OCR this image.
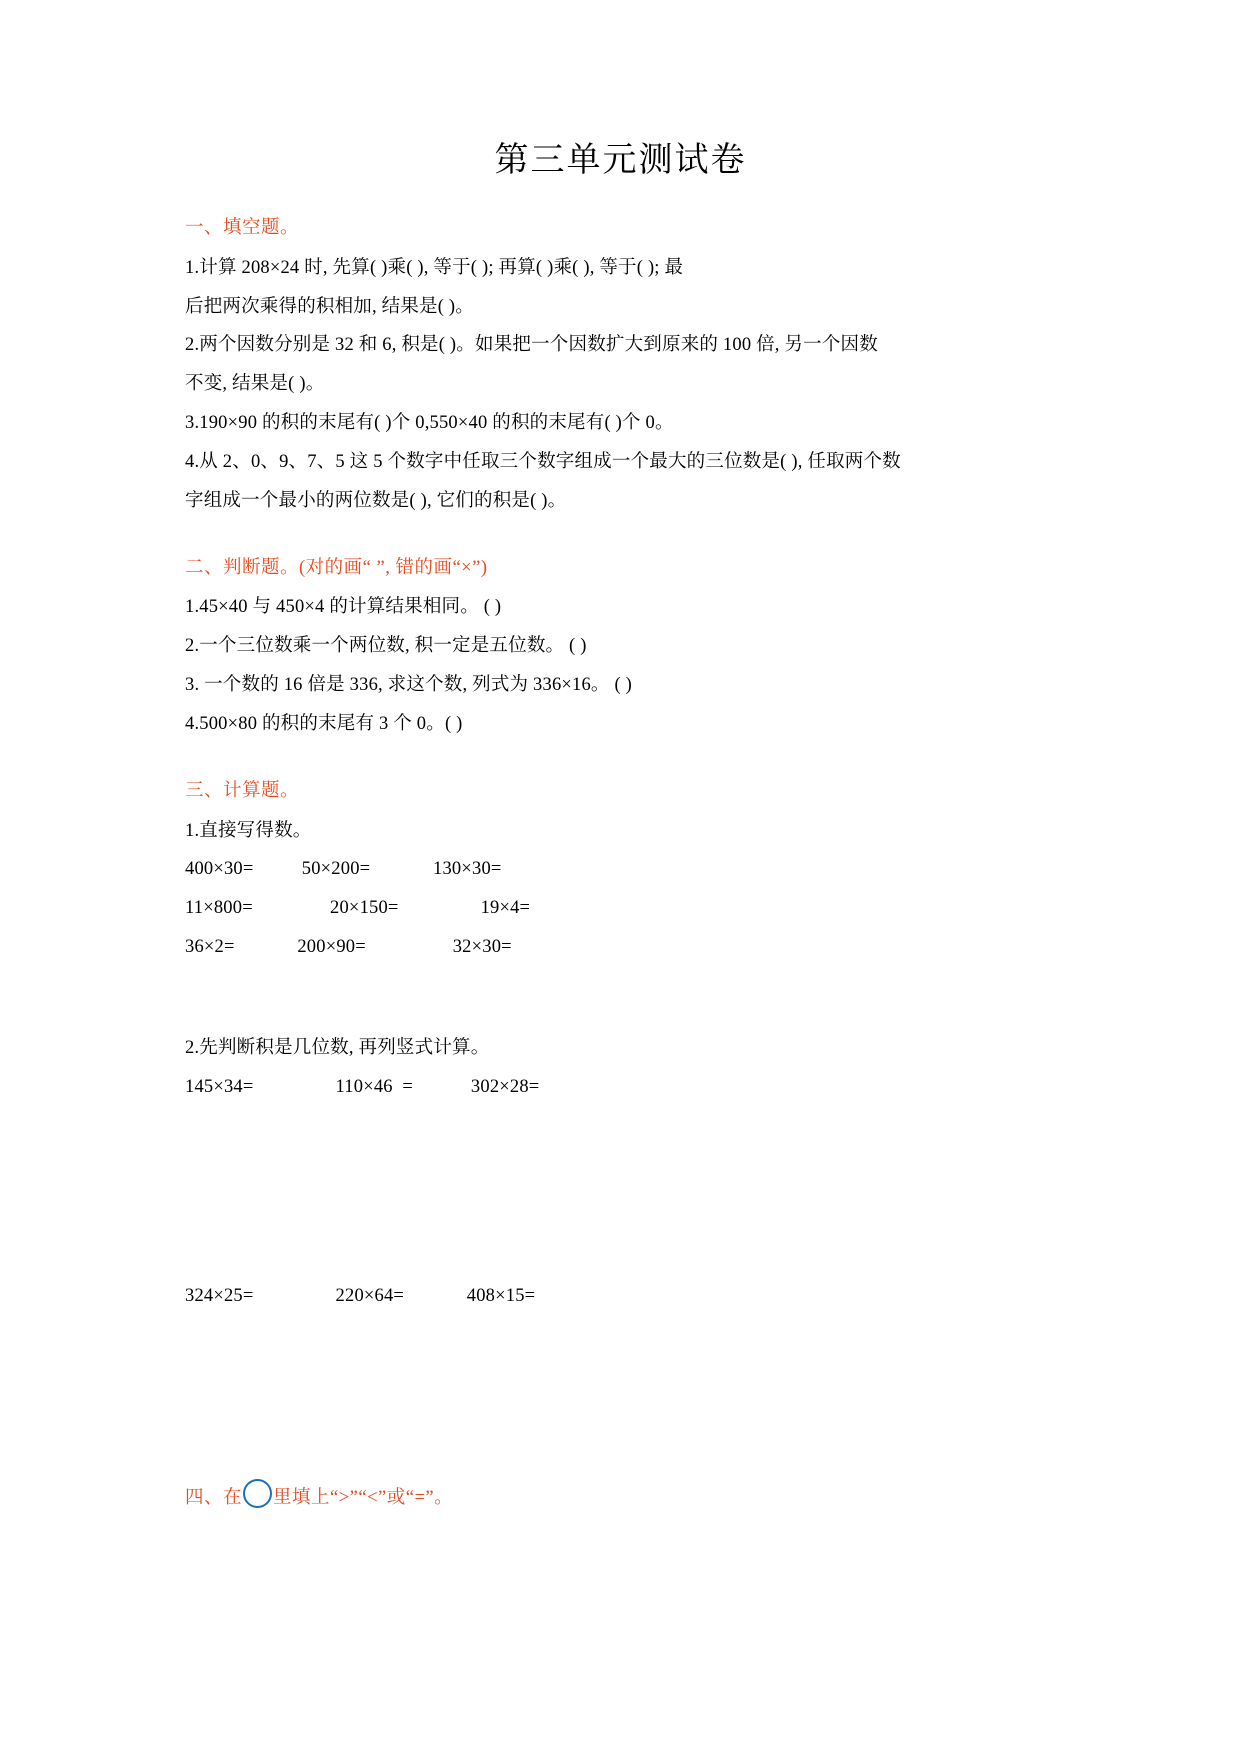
第三单元测试卷

一、填空题。

1.计算 208×24 时, 先算( )乘( ), 等于( ); 再算( )乘( ), 等于( ); 最

后把两次乘得的积相加, 结果是( )。

2.两个因数分别是 32 和 6, 积是( )。如果把一个因数扩大到原来的 100 倍, 另一个因数

不变, 结果是( )。

3.190×90 的积的末尾有( )个 0,550×40 的积的末尾有( )个 0。

4.从 2、0、9、7、5 这 5 个数字中任取三个数字组成一个最大的三位数是( ), 任取两个数

字组成一个最小的两位数是( ), 它们的积是( )。

二、判断题。(对的画“ ”, 错的画“×”)

1.45×40 与 450×4 的计算结果相同。 ( )

2.一个三位数乘一个两位数, 积一定是五位数。 ( )

3. 一个数的 16 倍是 336, 求这个数, 列式为 336×16。 ( )

4.500×80 的积的末尾有 3 个 0。( )

三、计算题。

1.直接写得数。

400×30=          50×200=             130×30=

11×800=                20×150=                 19×4=

36×2=             200×90=                  32×30=

2.先判断积是几位数, 再列竖式计算。

145×34=                 110×46  =            302×28=

324×25=                 220×64=             408×15=

四、在 里填上“>”“<”或“=”。
